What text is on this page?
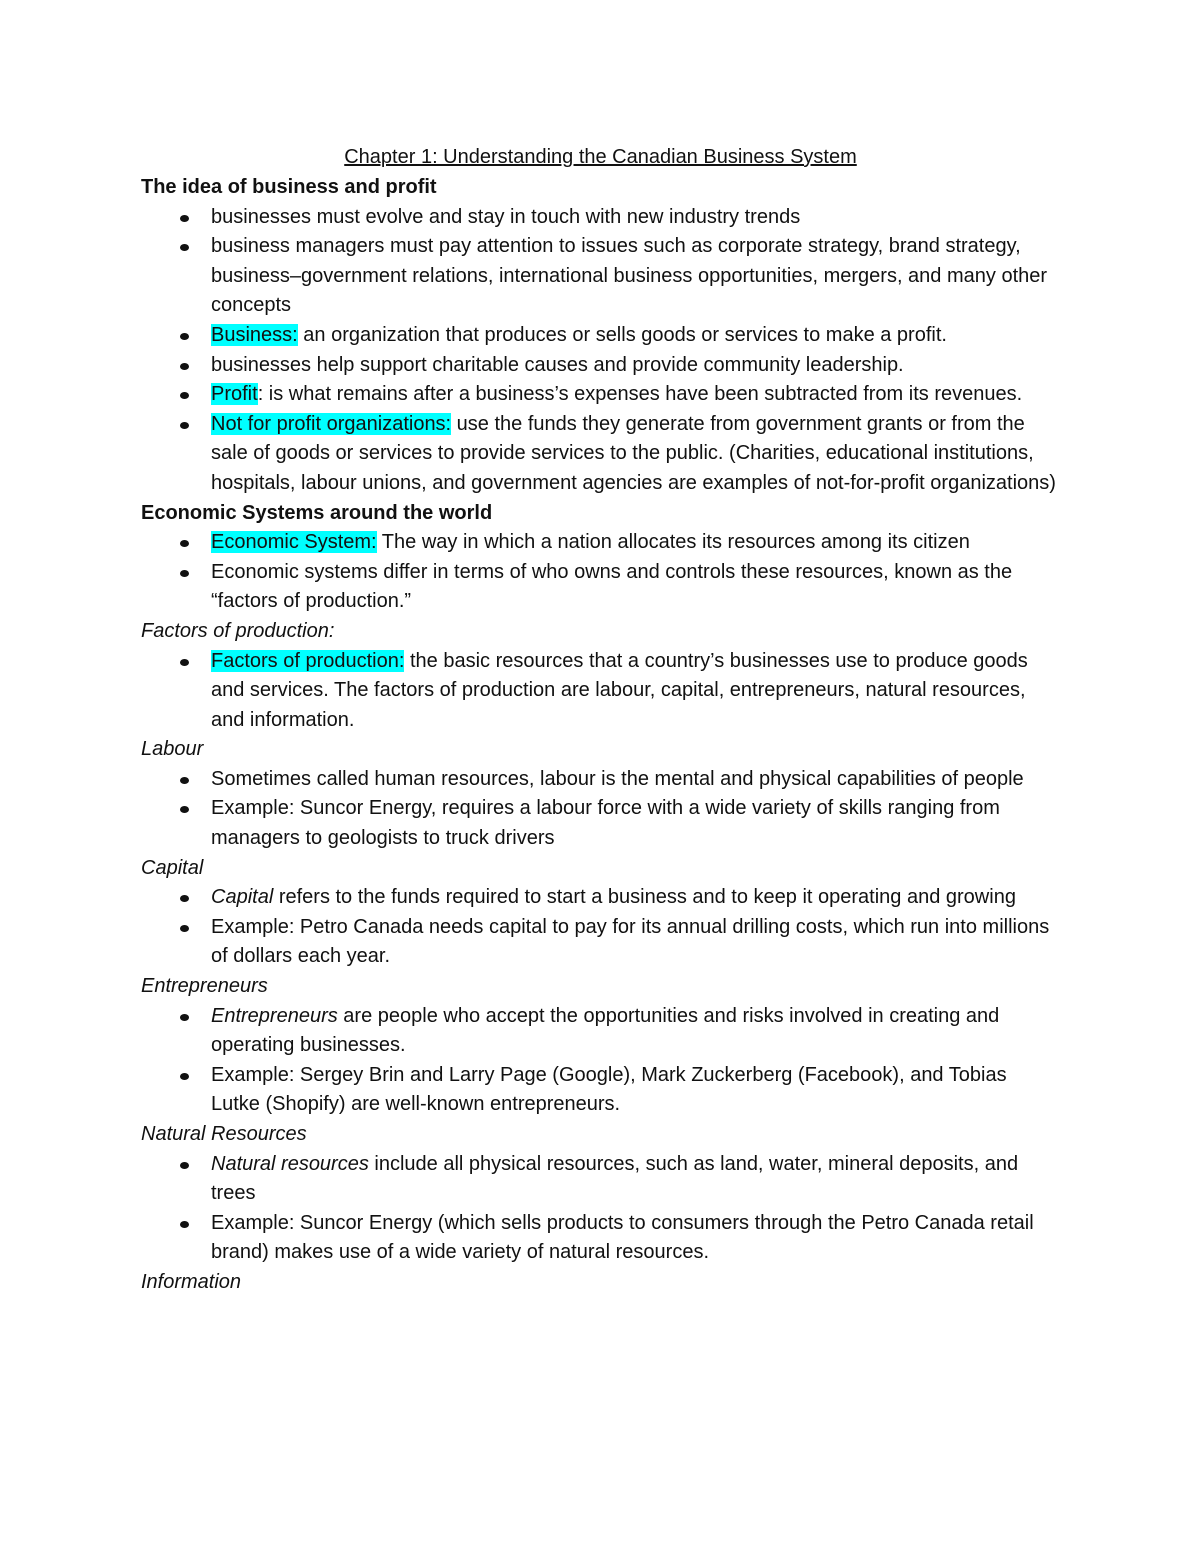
Chapter 1: Understanding the Canadian Business System
The idea of business and profit
businesses must evolve and stay in touch with new industry trends
business managers must pay attention to issues such as corporate strategy, brand strategy, business–government relations, international business opportunities, mergers, and many other concepts
Business: an organization that produces or sells goods or services to make a profit.
businesses help support charitable causes and provide community leadership.
Profit: is what remains after a business’s expenses have been subtracted from its revenues.
Not for profit organizations: use the funds they generate from government grants or from the sale of goods or services to provide services to the public. (Charities, educational institutions, hospitals, labour unions, and government agencies are examples of not-for-profit organizations)
Economic Systems around the world
Economic System: The way in which a nation allocates its resources among its citizen
Economic systems differ in terms of who owns and controls these resources, known as the “factors of production.”
Factors of production:
Factors of production: the basic resources that a country’s businesses use to produce goods and services. The factors of production are labour, capital, entrepreneurs, natural resources, and information.
Labour
Sometimes called human resources, labour is the mental and physical capabilities of people
Example: Suncor Energy, requires a labour force with a wide variety of skills ranging from managers to geologists to truck drivers
Capital
Capital refers to the funds required to start a business and to keep it operating and growing
Example: Petro Canada needs capital to pay for its annual drilling costs, which run into millions of dollars each year.
Entrepreneurs
Entrepreneurs are people who accept the opportunities and risks involved in creating and operating businesses.
Example: Sergey Brin and Larry Page (Google), Mark Zuckerberg (Facebook), and Tobias Lutke (Shopify) are well-known entrepreneurs.
Natural Resources
Natural resources include all physical resources, such as land, water, mineral deposits, and trees
Example: Suncor Energy (which sells products to consumers through the Petro Canada retail brand) makes use of a wide variety of natural resources.
Information
